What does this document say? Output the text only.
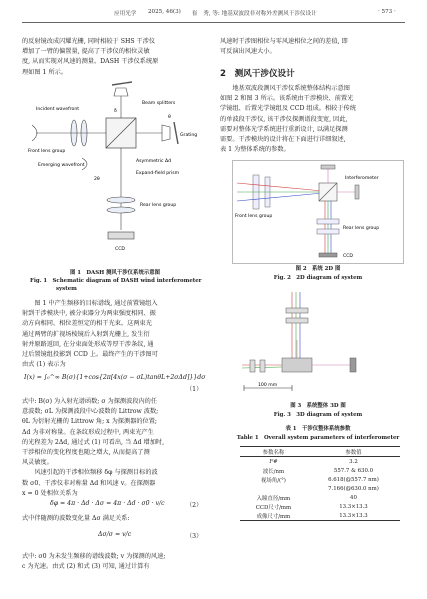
应用光学 2025, 46(3) 崔　秀, 等: 地基双波段非对称外差测风干涉仪设计	· 573 ·
的反射镜改成闪耀光栅, 同时相较于 SHS 干涉仪
增加了一臂的偏置量, 提高了干涉仪的相位灵敏
度, 从而实现对风速的测量。DASH 干涉仪系统原
理如图 1 所示。
Incident wavefront
Beam splitters
Front lens group
Emerging wavefront
Grating
Asymmetric Δd
Expand-field prism
Rear lens group
CCD
θ
δ
2θ
图 1　DASH 测风干涉仪系统示意图
Fig. 1　Schematic diagram of DASH wind interferometer
system
　　图 1 中产生频移的目标谱线, 通过前置镜组入
射到干涉模块中, 被分束器分为两束强度相同、振
动方向相同、相位差恒定的相干光束。这两束光
通过两臂的扩视场棱镜后入射到光栅上, 发生衍
射并原路返回, 在分束面处形成等厚干涉条纹, 通
过后置镜组投影到 CCD 上。最终产生的干涉图可
由式 (1) 表示为
I(x) = ∫₀^∞ B(σ){1+cos{2π[4x(σ − σL)tanθL+2σΔd]}}dσ
（1）
式中: B(σ) 为入射光谱函数; σ 为探测波段内的任
意波数; σL 为探测波段中心波数的 Littrow 波数;
θL 为衍射光栅的 Littrow 角; x 为探测器的位置;
Δd 为非对称量。在条纹形成过程中, 两束光产生
的光程差为 2Δd, 通过式 (1) 可看出, 当 Δd 增加时,
干涉相位的变化程度也随之增大, 从而提高了测
风灵敏度。
　　风速引起的干涉相位频移 δφ 与探测目标的波
数 σ0、干涉仪非对称量 Δd 和风速 v。在探测器
x = 0 处相位关系为
δφ = 4π · Δd · Δσ = 4π · Δd · σ0 · v/c	（2）
式中伴随测的波数变化量 Δσ 满足关系:
Δσ/σ = v/c	（3）
式中: σ0 为未发生频移的谱线波数; v 为探测的风速;
c 为光速。由式 (2) 和式 (3) 可知, 通过计算有
风速时干涉图相位与零风速相位之间的差值, 即
可反演出风速大小。
2　测风干涉仪设计
　　地基双波段测风干涉仪系统整体结构示意图
如图 2 和图 3 所示。该系统由干涉模块、前置光
学镜组、后置光学镜组及 CCD 组成。相较于传统
的单波段干涉仪, 该干涉仪探测谱段变宽, 因此,
需要对整体光学系统进行重新设计, 以满足探测
需要。干涉模块的设计将在下面进行详细叙述,
表 1 为整体系统的参数。
Front lens group
Interferometer
Rear lens group
CCD
图 2　系统 2D 图
Fig. 2　2D diagram of system
100 mm
图 3　系统整体 3D 图
Fig. 3　3D diagram of system
表 1　干涉仪整体系统参数
Table 1　Overall system parameters of interferometer
参数名称	参数值
F#	3.2
波长/nm	557.7 & 630.0
视场角/(°)	6.618(@557.7 nm)
	7.166(@630.0 nm)
入瞳直径/mm	40
CCD尺寸/mm	13.3×13.3
成像尺寸/mm	13.3×13.3
